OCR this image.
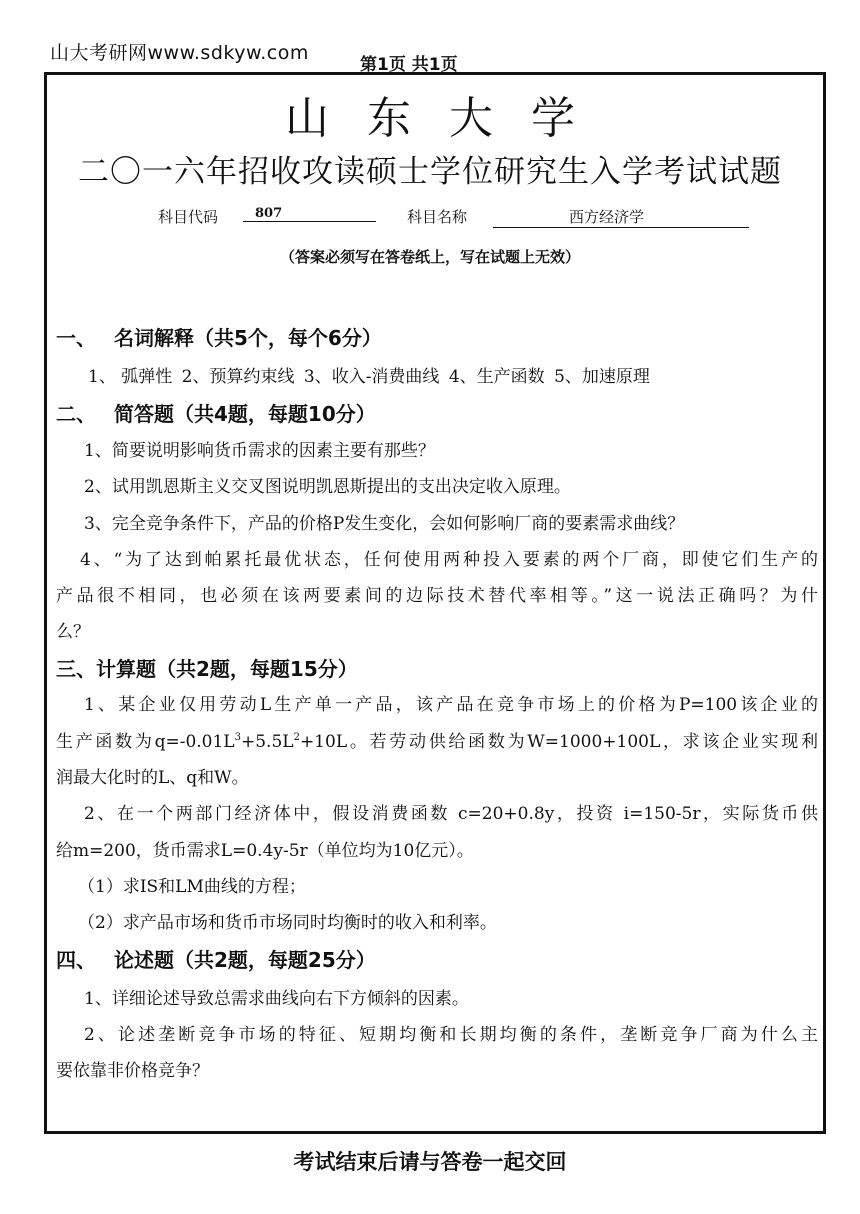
山大考研网www.sdkyw.com
第1页 共1页
山东大学
二〇一六年招收攻读硕士学位研究生入学考试试题
科目代码	807	科目名称	西方经济学
（答案必须写在答卷纸上，写在试题上无效）
一、 名词解释（共5个，每个6分）
1、 弧弹性 2、预算约束线 3、收入-消费曲线 4、生产函数 5、加速原理
二、 简答题（共4题，每题10分）
1、简要说明影响货币需求的因素主要有那些？
2、试用凯恩斯主义交叉图说明凯恩斯提出的支出决定收入原理。
3、完全竞争条件下，产品的价格P发生变化，会如何影响厂商的要素需求曲线？
4、“为了达到帕累托最优状态，任何使用两种投入要素的两个厂商，即使它们生产的
产品很不相同，也必须在该两要素间的边际技术替代率相等。”这一说法正确吗？为什
么？
三、计算题（共2题，每题15分）
1、某企业仅用劳动L生产单一产品，该产品在竞争市场上的价格为P=100该企业的
生产函数为$q=-0.01L^3+5.5L^2+10L$。若劳动供给函数为W=1000+100L，求该企业实现利
润最大化时的L、q和W。
2、在一个两部门经济体中，假设消费函数 c=20+0.8y，投资 i=150-5r，实际货币供
给m=200，货币需求L=0.4y-5r（单位均为10亿元）。
（1）求IS和LM曲线的方程；
（2）求产品市场和货币市场同时均衡时的收入和利率。
四、 论述题（共2题，每题25分）
1、详细论述导致总需求曲线向右下方倾斜的因素。
2、论述垄断竞争市场的特征、短期均衡和长期均衡的条件，垄断竞争厂商为什么主
要依靠非价格竞争？
考试结束后请与答卷一起交回
